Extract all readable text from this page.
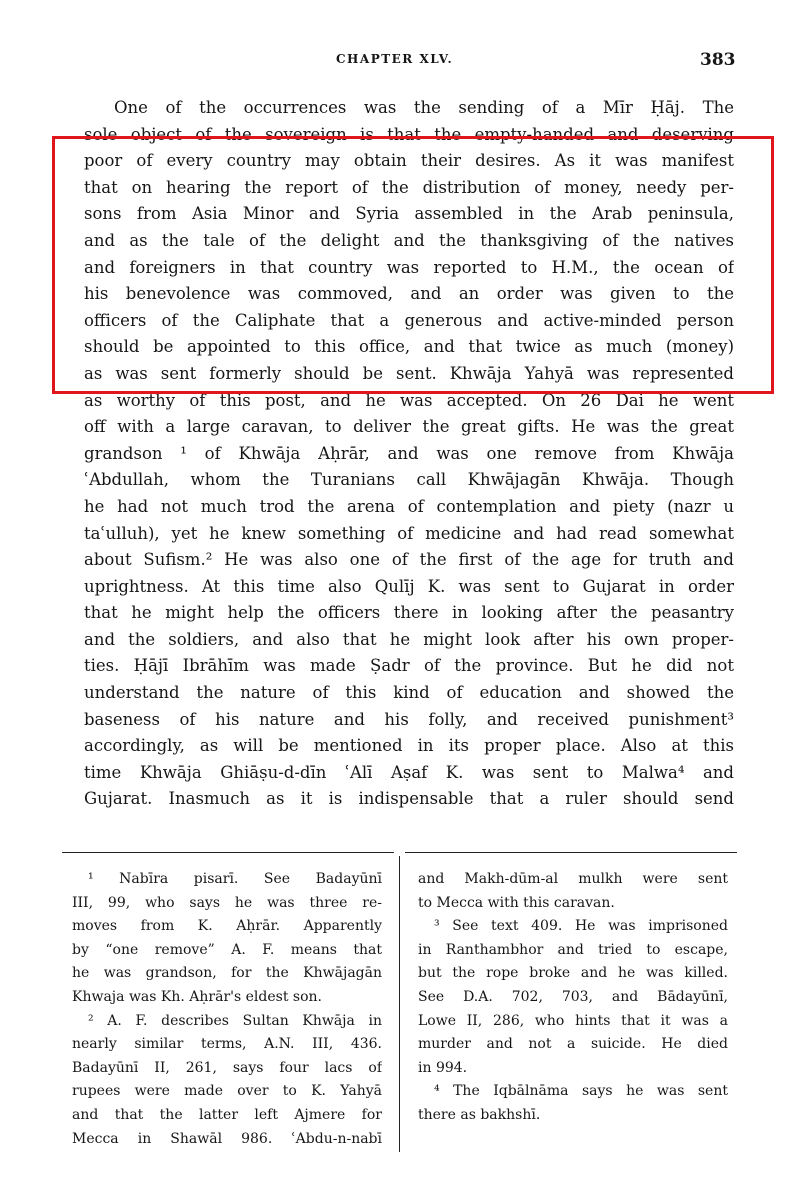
CHAPTER XLV.	383
One of the occurrences was the sending of a Mīr Ḥāj. The
sole object of the sovereign is that the empty-handed and deserving
poor of every country may obtain their desires. As it was manifest
that on hearing the report of the distribution of money, needy per-
sons from Asia Minor and Syria assembled in the Arab peninsula,
and as the tale of the delight and the thanksgiving of the natives
and foreigners in that country was reported to H.M., the ocean of
his benevolence was commoved, and an order was given to the
officers of the Caliphate that a generous and active-minded person
should be appointed to this office, and that twice as much (money)
as was sent formerly should be sent. Khwāja Yahyā was represented
as worthy of this post, and he was accepted. On 26 Dai he went
off with a large caravan, to deliver the great gifts. He was the great
grandson ¹ of Khwāja Aḥrār, and was one remove from Khwāja
ʿAbdullah, whom the Turanians call Khwājagān Khwāja. Though
he had not much trod the arena of contemplation and piety (nazr u
taʿulluh), yet he knew something of medicine and had read somewhat
about Sufism.² He was also one of the first of the age for truth and
uprightness. At this time also Qulīj K. was sent to Gujarat in order
that he might help the officers there in looking after the peasantry
and the soldiers, and also that he might look after his own proper-
ties. Ḥājī Ibrāhīm was made Ṣadr of the province. But he did not
understand the nature of this kind of education and showed the
baseness of his nature and his folly, and received punishment³
accordingly, as will be mentioned in its proper place. Also at this
time Khwāja Ghiāṣu-d-dīn ʿAlī Aṣaf K. was sent to Malwa⁴ and
Gujarat. Inasmuch as it is indispensable that a ruler should send
¹ Nabīra pisarī. See Badayūnī
III, 99, who says he was three re-
moves from K. Aḥrār. Apparently
by “one remove” A. F. means that
he was grandson, for the Khwājagān
Khwaja was Kh. Aḥrār's eldest son.
² A. F. describes Sultan Khwāja in
nearly similar terms, A.N. III, 436.
Badayūnī II, 261, says four lacs of
rupees were made over to K. Yahyā
and that the latter left Ajmere for
Mecca in Shawāl 986. ʿAbdu-n-nabī
and Makh-dūm-al mulkh were sent
to Mecca with this caravan.
³ See text 409. He was imprisoned
in Ranthambhor and tried to escape,
but the rope broke and he was killed.
See D.A. 702, 703, and Bādayūnī,
Lowe II, 286, who hints that it was a
murder and not a suicide. He died
in 994.
⁴ The Iqbālnāma says he was sent
there as bakhshī.
